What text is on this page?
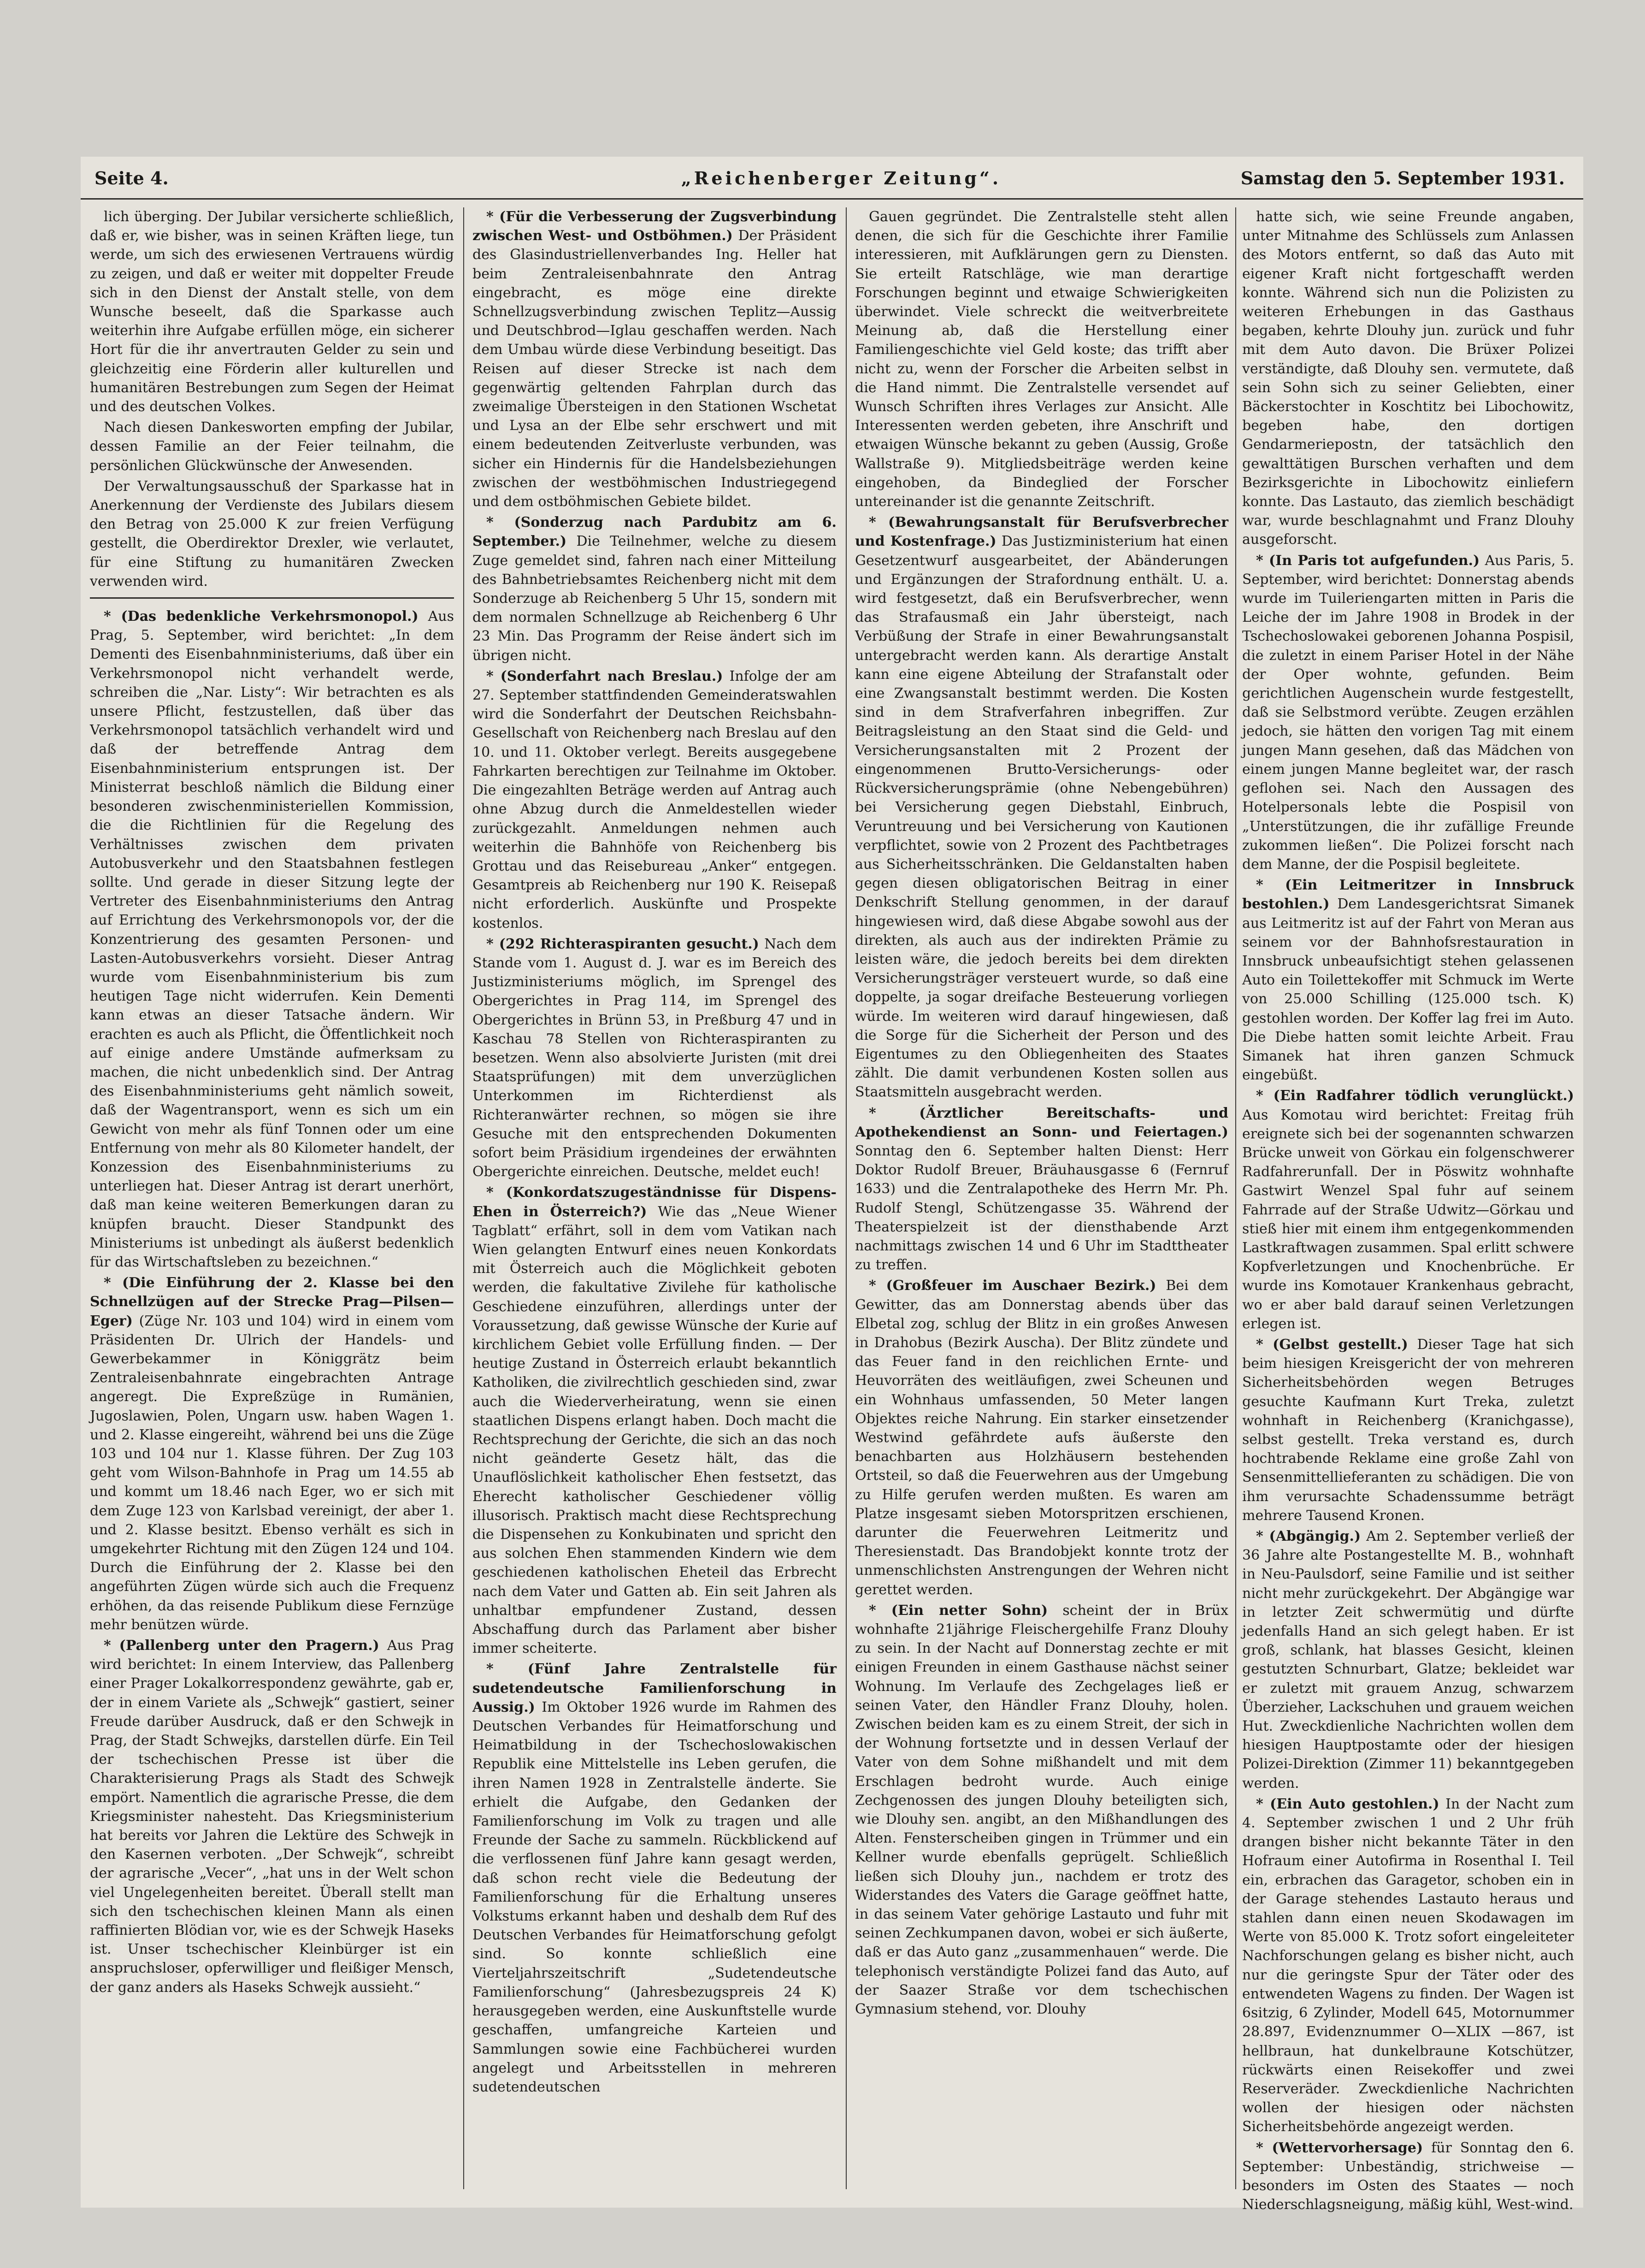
Seite 4.	„Reichenberger Zeitung“.	Samstag den 5. September 1931.

lich überging. Der Jubilar versicherte schließlich, daß er, wie bisher, was in seinen Kräften liege, tun werde, um sich des erwiesenen Vertrauens würdig zu zeigen, und daß er weiter mit doppelter Freude sich in den Dienst der Anstalt stelle, von dem Wunsche beseelt, daß die Sparkasse auch weiterhin ihre Aufgabe erfüllen möge, ein sicherer Hort für die ihr anvertrauten Gelder zu sein und gleichzeitig eine Förderin aller kulturellen und humanitären Bestrebungen zum Segen der Heimat und des deutschen Volkes.

Nach diesen Dankesworten empfing der Jubilar, dessen Familie an der Feier teilnahm, die persönlichen Glückwünsche der Anwesenden.

Der Verwaltungsausschuß der Sparkasse hat in Anerkennung der Verdienste des Jubilars diesem den Betrag von 25.000 K zur freien Verfügung gestellt, die Oberdirektor Drexler, wie verlautet, für eine Stiftung zu humanitären Zwecken verwenden wird.

* (Das bedenkliche Verkehrsmonopol.) Aus Prag, 5. September, wird berichtet: „In dem Dementi des Eisenbahnministeriums, daß über ein Verkehrsmonopol nicht verhandelt werde, schreiben die „Nar. Listy“: Wir betrachten es als unsere Pflicht, festzustellen, daß über das Verkehrsmonopol tatsächlich verhandelt wird und daß der betreffende Antrag dem Eisenbahnministerium entsprungen ist. Der Ministerrat beschloß nämlich die Bildung einer besonderen zwischenministeriellen Kommission, die die Richtlinien für die Regelung des Verhältnisses zwischen dem privaten Autobusverkehr und den Staatsbahnen festlegen sollte. Und gerade in dieser Sitzung legte der Vertreter des Eisenbahnministeriums den Antrag auf Errichtung des Verkehrsmonopols vor, der die Konzentrierung des gesamten Personen- und Lasten-Autobusverkehrs vorsieht. Dieser Antrag wurde vom Eisenbahnministerium bis zum heutigen Tage nicht widerrufen. Kein Dementi kann etwas an dieser Tatsache ändern. Wir erachten es auch als Pflicht, die Öffentlichkeit noch auf einige andere Umstände aufmerksam zu machen, die nicht unbedenklich sind. Der Antrag des Eisenbahnministeriums geht nämlich soweit, daß der Wagentransport, wenn es sich um ein Gewicht von mehr als fünf Tonnen oder um eine Entfernung von mehr als 80 Kilometer handelt, der Konzession des Eisenbahnministeriums zu unterliegen hat. Dieser Antrag ist derart unerhört, daß man keine weiteren Bemerkungen daran zu knüpfen braucht. Dieser Standpunkt des Ministeriums ist unbedingt als äußerst bedenklich für das Wirtschaftsleben zu bezeichnen.“

* (Die Einführung der 2. Klasse bei den Schnellzügen auf der Strecke Prag—Pilsen—Eger) (Züge Nr. 103 und 104) wird in einem vom Präsidenten Dr. Ulrich der Handels- und Gewerbekammer in Königgrätz beim Zentraleisenbahnrate eingebrachten Antrage angeregt. Die Expreßzüge in Rumänien, Jugoslawien, Polen, Ungarn usw. haben Wagen 1. und 2. Klasse eingereiht, während bei uns die Züge 103 und 104 nur 1. Klasse führen. Der Zug 103 geht vom Wilson-Bahnhofe in Prag um 14.55 ab und kommt um 18.46 nach Eger, wo er sich mit dem Zuge 123 von Karlsbad vereinigt, der aber 1. und 2. Klasse besitzt. Ebenso verhält es sich in umgekehrter Richtung mit den Zügen 124 und 104. Durch die Einführung der 2. Klasse bei den angeführten Zügen würde sich auch die Frequenz erhöhen, da das reisende Publikum diese Fernzüge mehr benützen würde.

* (Pallenberg unter den Pragern.) Aus Prag wird berichtet: In einem Interview, das Pallenberg einer Prager Lokalkorrespondenz gewährte, gab er, der in einem Variete als „Schwejk“ gastiert, seiner Freude darüber Ausdruck, daß er den Schwejk in Prag, der Stadt Schwejks, darstellen dürfe. Ein Teil der tschechischen Presse ist über die Charakterisierung Prags als Stadt des Schwejk empört. Namentlich die agrarische Presse, die dem Kriegsminister nahesteht. Das Kriegsministerium hat bereits vor Jahren die Lektüre des Schwejk in den Kasernen verboten. „Der Schwejk“, schreibt der agrarische „Vecer“, „hat uns in der Welt schon viel Ungelegenheiten bereitet. Überall stellt man sich den tschechischen kleinen Mann als einen raffinierten Blödian vor, wie es der Schwejk Haseks ist. Unser tschechischer Kleinbürger ist ein anspruchsloser, opferwilliger und fleißiger Mensch, der ganz anders als Haseks Schwejk aussieht.“

* (Für die Verbesserung der Zugsverbindung zwischen West- und Ostböhmen.) Der Präsident des Glasindustriellenverbandes Ing. Heller hat beim Zentraleisenbahnrate den Antrag eingebracht, es möge eine direkte Schnellzugsverbindung zwischen Teplitz—Aussig und Deutschbrod—Iglau geschaffen werden. Nach dem Umbau würde diese Verbindung beseitigt. Das Reisen auf dieser Strecke ist nach dem gegenwärtig geltenden Fahrplan durch das zweimalige Übersteigen in den Stationen Wschetat und Lysa an der Elbe sehr erschwert und mit einem bedeutenden Zeitverluste verbunden, was sicher ein Hindernis für die Handelsbeziehungen zwischen der westböhmischen Industriegegend und dem ostböhmischen Gebiete bildet.

* (Sonderzug nach Pardubitz am 6. September.) Die Teilnehmer, welche zu diesem Zuge gemeldet sind, fahren nach einer Mitteilung des Bahnbetriebsamtes Reichenberg nicht mit dem Sonderzuge ab Reichenberg 5 Uhr 15, sondern mit dem normalen Schnellzuge ab Reichenberg 6 Uhr 23 Min. Das Programm der Reise ändert sich im übrigen nicht.

* (Sonderfahrt nach Breslau.) Infolge der am 27. September stattfindenden Gemeinderatswahlen wird die Sonderfahrt der Deutschen Reichsbahn-Gesellschaft von Reichenberg nach Breslau auf den 10. und 11. Oktober verlegt. Bereits ausgegebene Fahrkarten berechtigen zur Teilnahme im Oktober. Die eingezahlten Beträge werden auf Antrag auch ohne Abzug durch die Anmeldestellen wieder zurückgezahlt. Anmeldungen nehmen auch weiterhin die Bahnhöfe von Reichenberg bis Grottau und das Reisebureau „Anker“ entgegen. Gesamtpreis ab Reichenberg nur 190 K. Reisepaß nicht erforderlich. Auskünfte und Prospekte kostenlos.

* (292 Richteraspiranten gesucht.) Nach dem Stande vom 1. August d. J. war es im Bereich des Justizministeriums möglich, im Sprengel des Obergerichtes in Prag 114, im Sprengel des Obergerichtes in Brünn 53, in Preßburg 47 und in Kaschau 78 Stellen von Richteraspiranten zu besetzen. Wenn also absolvierte Juristen (mit drei Staatsprüfungen) mit dem unverzüglichen Unterkommen im Richterdienst als Richteranwärter rechnen, so mögen sie ihre Gesuche mit den entsprechenden Dokumenten sofort beim Präsidium irgendeines der erwähnten Obergerichte einreichen. Deutsche, meldet euch!

* (Konkordatszugeständnisse für Dispens-Ehen in Österreich?) Wie das „Neue Wiener Tagblatt“ erfährt, soll in dem vom Vatikan nach Wien gelangten Entwurf eines neuen Konkordats mit Österreich auch die Möglichkeit geboten werden, die fakultative Zivilehe für katholische Geschiedene einzuführen, allerdings unter der Voraussetzung, daß gewisse Wünsche der Kurie auf kirchlichem Gebiet volle Erfüllung finden. — Der heutige Zustand in Österreich erlaubt bekanntlich Katholiken, die zivilrechtlich geschieden sind, zwar auch die Wiederverheiratung, wenn sie einen staatlichen Dispens erlangt haben. Doch macht die Rechtsprechung der Gerichte, die sich an das noch nicht geänderte Gesetz hält, das die Unauflöslichkeit katholischer Ehen festsetzt, das Eherecht katholischer Geschiedener völlig illusorisch. Praktisch macht diese Rechtsprechung die Dispensehen zu Konkubinaten und spricht den aus solchen Ehen stammenden Kindern wie dem geschiedenen katholischen Eheteil das Erbrecht nach dem Vater und Gatten ab. Ein seit Jahren als unhaltbar empfundener Zustand, dessen Abschaffung durch das Parlament aber bisher immer scheiterte.

* (Fünf Jahre Zentralstelle für sudetendeutsche Familienforschung in Aussig.) Im Oktober 1926 wurde im Rahmen des Deutschen Verbandes für Heimatforschung und Heimatbildung in der Tschechoslowakischen Republik eine Mittelstelle ins Leben gerufen, die ihren Namen 1928 in Zentralstelle änderte. Sie erhielt die Aufgabe, den Gedanken der Familienforschung im Volk zu tragen und alle Freunde der Sache zu sammeln. Rückblickend auf die verflossenen fünf Jahre kann gesagt werden, daß schon recht viele die Bedeutung der Familienforschung für die Erhaltung unseres Volkstums erkannt haben und deshalb dem Ruf des Deutschen Verbandes für Heimatforschung gefolgt sind. So konnte schließlich eine Vierteljahrszeitschrift „Sudetendeutsche Familienforschung“ (Jahresbezugspreis 24 K) herausgegeben werden, eine Auskunftstelle wurde geschaffen, umfangreiche Karteien und Sammlungen sowie eine Fachbücherei wurden angelegt und Arbeitsstellen in mehreren sudetendeutschen

Gauen gegründet. Die Zentralstelle steht allen denen, die sich für die Geschichte ihrer Familie interessieren, mit Aufklärungen gern zu Diensten. Sie erteilt Ratschläge, wie man derartige Forschungen beginnt und etwaige Schwierigkeiten überwindet. Viele schreckt die weitverbreitete Meinung ab, daß die Herstellung einer Familiengeschichte viel Geld koste; das trifft aber nicht zu, wenn der Forscher die Arbeiten selbst in die Hand nimmt. Die Zentralstelle versendet auf Wunsch Schriften ihres Verlages zur Ansicht. Alle Interessenten werden gebeten, ihre Anschrift und etwaigen Wünsche bekannt zu geben (Aussig, Große Wallstraße 9). Mitgliedsbeiträge werden keine eingehoben, da Bindeglied der Forscher untereinander ist die genannte Zeitschrift.

* (Bewahrungsanstalt für Berufsverbrecher und Kostenfrage.) Das Justizministerium hat einen Gesetzentwurf ausgearbeitet, der Abänderungen und Ergänzungen der Strafordnung enthält. U. a. wird festgesetzt, daß ein Berufsverbrecher, wenn das Strafausmaß ein Jahr übersteigt, nach Verbüßung der Strafe in einer Bewahrungsanstalt untergebracht werden kann. Als derartige Anstalt kann eine eigene Abteilung der Strafanstalt oder eine Zwangsanstalt bestimmt werden. Die Kosten sind in dem Strafverfahren inbegriffen. Zur Beitragsleistung an den Staat sind die Geld- und Versicherungsanstalten mit 2 Prozent der eingenommenen Brutto-Versicherungs- oder Rückversicherungsprämie (ohne Nebengebühren) bei Versicherung gegen Diebstahl, Einbruch, Veruntreuung und bei Versicherung von Kautionen verpflichtet, sowie von 2 Prozent des Pachtbetrages aus Sicherheitsschränken. Die Geldanstalten haben gegen diesen obligatorischen Beitrag in einer Denkschrift Stellung genommen, in der darauf hingewiesen wird, daß diese Abgabe sowohl aus der direkten, als auch aus der indirekten Prämie zu leisten wäre, die jedoch bereits bei dem direkten Versicherungsträger versteuert wurde, so daß eine doppelte, ja sogar dreifache Besteuerung vorliegen würde. Im weiteren wird darauf hingewiesen, daß die Sorge für die Sicherheit der Person und des Eigentumes zu den Obliegenheiten des Staates zählt. Die damit verbundenen Kosten sollen aus Staatsmitteln ausgebracht werden.

* (Ärztlicher Bereitschafts- und Apothekendienst an Sonn- und Feiertagen.) Sonntag den 6. September halten Dienst: Herr Doktor Rudolf Breuer, Bräuhausgasse 6 (Fernruf 1633) und die Zentralapotheke des Herrn Mr. Ph. Rudolf Stengl, Schützengasse 35. Während der Theaterspielzeit ist der diensthabende Arzt nachmittags zwischen 14 und 6 Uhr im Stadttheater zu treffen.

* (Großfeuer im Auschaer Bezirk.) Bei dem Gewitter, das am Donnerstag abends über das Elbetal zog, schlug der Blitz in ein großes Anwesen in Drahobus (Bezirk Auscha). Der Blitz zündete und das Feuer fand in den reichlichen Ernte- und Heuvorräten des weitläufigen, zwei Scheunen und ein Wohnhaus umfassenden, 50 Meter langen Objektes reiche Nahrung. Ein starker einsetzender Westwind gefährdete aufs äußerste den benachbarten aus Holzhäusern bestehenden Ortsteil, so daß die Feuerwehren aus der Umgebung zu Hilfe gerufen werden mußten. Es waren am Platze insgesamt sieben Motorspritzen erschienen, darunter die Feuerwehren Leitmeritz und Theresienstadt. Das Brandobjekt konnte trotz der unmenschlichsten Anstrengungen der Wehren nicht gerettet werden.

* (Ein netter Sohn) scheint der in Brüx wohnhafte 21jährige Fleischergehilfe Franz Dlouhy zu sein. In der Nacht auf Donnerstag zechte er mit einigen Freunden in einem Gasthause nächst seiner Wohnung. Im Verlaufe des Zechgelages ließ er seinen Vater, den Händler Franz Dlouhy, holen. Zwischen beiden kam es zu einem Streit, der sich in der Wohnung fortsetzte und in dessen Verlauf der Vater von dem Sohne mißhandelt und mit dem Erschlagen bedroht wurde. Auch einige Zechgenossen des jungen Dlouhy beteiligten sich, wie Dlouhy sen. angibt, an den Mißhandlungen des Alten. Fensterscheiben gingen in Trümmer und ein Kellner wurde ebenfalls geprügelt. Schließlich ließen sich Dlouhy jun., nachdem er trotz des Widerstandes des Vaters die Garage geöffnet hatte, in das seinem Vater gehörige Lastauto und fuhr mit seinen Zechkumpanen davon, wobei er sich äußerte, daß er das Auto ganz „zusammenhauen“ werde. Die telephonisch verständigte Polizei fand das Auto, auf der Saazer Straße vor dem tschechischen Gymnasium stehend, vor. Dlouhy

hatte sich, wie seine Freunde angaben, unter Mitnahme des Schlüssels zum Anlassen des Motors entfernt, so daß das Auto mit eigener Kraft nicht fortgeschafft werden konnte. Während sich nun die Polizisten zu weiteren Erhebungen in das Gasthaus begaben, kehrte Dlouhy jun. zurück und fuhr mit dem Auto davon. Die Brüxer Polizei verständigte, daß Dlouhy sen. vermutete, daß sein Sohn sich zu seiner Geliebten, einer Bäckerstochter in Koschtitz bei Libochowitz, begeben habe, den dortigen Gendarmeriepostn, der tatsächlich den gewalttätigen Burschen verhaften und dem Bezirksgerichte in Libochowitz einliefern konnte. Das Lastauto, das ziemlich beschädigt war, wurde beschlagnahmt und Franz Dlouhy ausgeforscht.

* (In Paris tot aufgefunden.) Aus Paris, 5. September, wird berichtet: Donnerstag abends wurde im Tuileriengarten mitten in Paris die Leiche der im Jahre 1908 in Brodek in der Tschechoslowakei geborenen Johanna Pospisil, die zuletzt in einem Pariser Hotel in der Nähe der Oper wohnte, gefunden. Beim gerichtlichen Augenschein wurde festgestellt, daß sie Selbstmord verübte. Zeugen erzählen jedoch, sie hätten den vorigen Tag mit einem jungen Mann gesehen, daß das Mädchen von einem jungen Manne begleitet war, der rasch geflohen sei. Nach den Aussagen des Hotelpersonals lebte die Pospisil von „Unterstützungen, die ihr zufällige Freunde zukommen ließen“. Die Polizei forscht nach dem Manne, der die Pospisil begleitete.

* (Ein Leitmeritzer in Innsbruck bestohlen.) Dem Landesgerichtsrat Simanek aus Leitmeritz ist auf der Fahrt von Meran aus seinem vor der Bahnhofsrestauration in Innsbruck unbeaufsichtigt stehen gelassenen Auto ein Toilettekoffer mit Schmuck im Werte von 25.000 Schilling (125.000 tsch. K) gestohlen worden. Der Koffer lag frei im Auto. Die Diebe hatten somit leichte Arbeit. Frau Simanek hat ihren ganzen Schmuck eingebüßt.

* (Ein Radfahrer tödlich verunglückt.) Aus Komotau wird berichtet: Freitag früh ereignete sich bei der sogenannten schwarzen Brücke unweit von Görkau ein folgenschwerer Radfahrerunfall. Der in Pöswitz wohnhafte Gastwirt Wenzel Spal fuhr auf seinem Fahrrade auf der Straße Udwitz—Görkau und stieß hier mit einem ihm entgegenkommenden Lastkraftwagen zusammen. Spal erlitt schwere Kopfverletzungen und Knochenbrüche. Er wurde ins Komotauer Krankenhaus gebracht, wo er aber bald darauf seinen Verletzungen erlegen ist.

* (Gelbst gestellt.) Dieser Tage hat sich beim hiesigen Kreisgericht der von mehreren Sicherheitsbehörden wegen Betruges gesuchte Kaufmann Kurt Treka, zuletzt wohnhaft in Reichenberg (Kranichgasse), selbst gestellt. Treka verstand es, durch hochtrabende Reklame eine große Zahl von Sensenmittellieferanten zu schädigen. Die von ihm verursachte Schadenssumme beträgt mehrere Tausend Kronen.

* (Abgängig.) Am 2. September verließ der 36 Jahre alte Postangestellte M. B., wohnhaft in Neu-Paulsdorf, seine Familie und ist seither nicht mehr zurückgekehrt. Der Abgängige war in letzter Zeit schwermütig und dürfte jedenfalls Hand an sich gelegt haben. Er ist groß, schlank, hat blasses Gesicht, kleinen gestutzten Schnurbart, Glatze; bekleidet war er zuletzt mit grauem Anzug, schwarzem Überzieher, Lackschuhen und grauem weichen Hut. Zweckdienliche Nachrichten wollen dem hiesigen Hauptpostamte oder der hiesigen Polizei-Direktion (Zimmer 11) bekanntgegeben werden.

* (Ein Auto gestohlen.) In der Nacht zum 4. September zwischen 1 und 2 Uhr früh drangen bisher nicht bekannte Täter in den Hofraum einer Autofirma in Rosenthal I. Teil ein, erbrachen das Garagetor, schoben ein in der Garage stehendes Lastauto heraus und stahlen dann einen neuen Skodawagen im Werte von 85.000 K. Trotz sofort eingeleiteter Nachforschungen gelang es bisher nicht, auch nur die geringste Spur der Täter oder des entwendeten Wagens zu finden. Der Wagen ist 6sitzig, 6 Zylinder, Modell 645, Motornummer 28.897, Evidenznummer O—XLIX —867, ist hellbraun, hat dunkelbraune Kotschützer, rückwärts einen Reisekoffer und zwei Reserveräder. Zweckdienliche Nachrichten wollen der hiesigen oder nächsten Sicherheitsbehörde angezeigt werden.

* (Wettervorhersage) für Sonntag den 6. September: Unbeständig, strichweise — besonders im Osten des Staates — noch Niederschlagsneigung, mäßig kühl, West-wind.
